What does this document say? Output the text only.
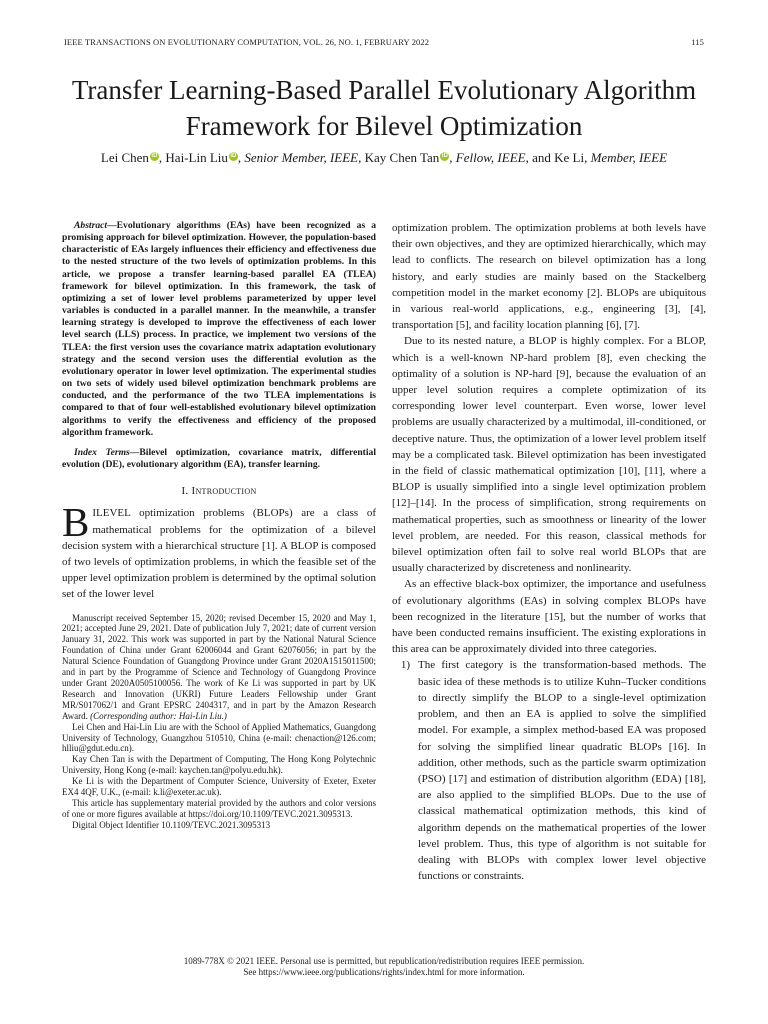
IEEE TRANSACTIONS ON EVOLUTIONARY COMPUTATION, VOL. 26, NO. 1, FEBRUARY 2022	115
Transfer Learning-Based Parallel Evolutionary Algorithm Framework for Bilevel Optimization
Lei Chen iD , Hai-Lin Liu iD , Senior Member, IEEE, Kay Chen Tan iD , Fellow, IEEE, and Ke Li, Member, IEEE

Abstract—Evolutionary algorithms (EAs) have been recognized as a promising approach for bilevel optimization. However, the population-based characteristic of EAs largely influences their efficiency and effectiveness due to the nested structure of the two levels of optimization problems. In this article, we propose a transfer learning-based parallel EA (TLEA) framework for bilevel optimization. In this framework, the task of optimizing a set of lower level problems parameterized by upper level variables is conducted in a parallel manner. In the meanwhile, a transfer learning strategy is developed to improve the effectiveness of each lower level search (LLS) process. In practice, we implement two versions of the TLEA: the first version uses the covariance matrix adaptation evolutionary strategy and the second version uses the differential evolution as the evolutionary operator in lower level optimization. The experimental studies on two sets of widely used bilevel optimization benchmark problems are conducted, and the performance of the two TLEA implementations is compared to that of four well-established evolutionary bilevel optimization algorithms to verify the effectiveness and efficiency of the proposed algorithm framework.

Index Terms—Bilevel optimization, covariance matrix, differential evolution (DE), evolutionary algorithm (EA), transfer learning.

I. Introduction

BILEVEL optimization problems (BLOPs) are a class of mathematical problems for the optimization of a bilevel decision system with a hierarchical structure [1]. A BLOP is composed of two levels of optimization problems, in which the feasible set of the upper level optimization problem is determined by the optimal solution set of the lower level

Manuscript received September 15, 2020; revised December 15, 2020 and May 1, 2021; accepted June 29, 2021. Date of publication July 7, 2021; date of current version January 31, 2022. This work was supported in part by the National Natural Science Foundation of China under Grant 62006044 and Grant 62076056; in part by the Natural Science Foundation of Guangdong Province under Grant 2020A1515011500; and in part by the Programme of Science and Technology of Guangdong Province under Grant 2020A0505100056. The work of Ke Li was supported in part by UK Research and Innovation (UKRI) Future Leaders Fellowship under Grant MR/S017062/1 and Grant EPSRC 2404317, and in part by the Amazon Research Award. (Corresponding author: Hai-Lin Liu.)

Lei Chen and Hai-Lin Liu are with the School of Applied Mathematics, Guangdong University of Technology, Guangzhou 510510, China (e-mail: chenaction@126.com; hlliu@gdut.edu.cn).

Kay Chen Tan is with the Department of Computing, The Hong Kong Polytechnic University, Hong Kong (e-mail: kaychen.tan@polyu.edu.hk).

Ke Li is with the Department of Computer Science, University of Exeter, Exeter EX4 4QF, U.K., (e-mail: k.li@exeter.ac.uk).

This article has supplementary material provided by the authors and color versions of one or more figures available at https://doi.org/10.1109/TEVC.2021.3095313.

Digital Object Identifier 10.1109/TEVC.2021.3095313

optimization problem. The optimization problems at both levels have their own objectives, and they are optimized hierarchically, which may lead to conflicts. The research on bilevel optimization has a long history, and early studies are mainly based on the Stackelberg competition model in the market economy [2]. BLOPs are ubiquitous in various real-world applications, e.g., engineering [3], [4], transportation [5], and facility location planning [6], [7].

Due to its nested nature, a BLOP is highly complex. For a BLOP, which is a well-known NP-hard problem [8], even checking the optimality of a solution is NP-hard [9], because the evaluation of an upper level solution requires a complete optimization of its corresponding lower level counterpart. Even worse, lower level problems are usually characterized by a multimodal, ill-conditioned, or deceptive nature. Thus, the optimization of a lower level problem itself may be a complicated task. Bilevel optimization has been investigated in the field of classic mathematical optimization [10], [11], where a BLOP is usually simplified into a single level optimization problem [12]–[14]. In the process of simplification, strong requirements on mathematical properties, such as smoothness or linearity of the lower level problem, are needed. For this reason, classical methods for bilevel optimization often fail to solve real world BLOPs that are usually characterized by discreteness and nonlinearity.

As an effective black-box optimizer, the importance and usefulness of evolutionary algorithms (EAs) in solving complex BLOPs have been recognized in the literature [15], but the number of works that have been conducted remains insufficient. The existing explorations in this area can be approximately divided into three categories.

1) The first category is the transformation-based methods. The basic idea of these methods is to utilize Kuhn–Tucker conditions to directly simplify the BLOP to a single-level optimization problem, and then an EA is applied to solve the simplified model. For example, a simplex method-based EA was proposed for solving the simplified linear quadratic BLOPs [16]. In addition, other methods, such as the particle swarm optimization (PSO) [17] and estimation of distribution algorithm (EDA) [18], are also applied to the simplified BLOPs. Due to the use of classical mathematical optimization methods, this kind of algorithm depends on the mathematical properties of the lower level problem. Thus, this type of algorithm is not suitable for dealing with BLOPs with complex lower level objective functions or constraints.
1089-778X © 2021 IEEE. Personal use is permitted, but republication/redistribution requires IEEE permission.
See https://www.ieee.org/publications/rights/index.html for more information.
